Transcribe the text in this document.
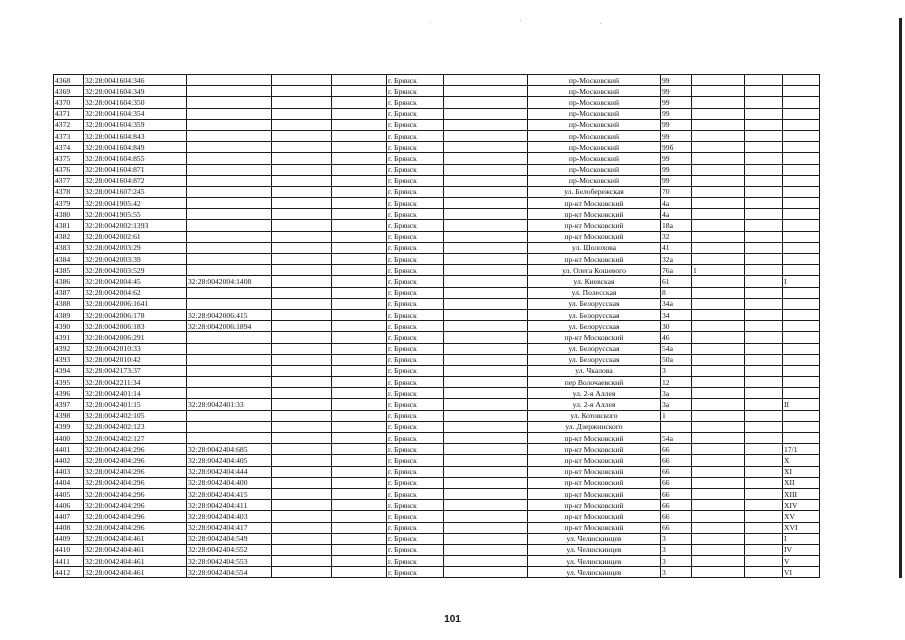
4368	32:28:0041604:346				г. Брянск		пр-Московский	99			
4369	32:28:0041604:349				г. Брянск		пр-Московский	99			
4370	32:28:0041604:350				г. Брянск		пр-Московский	99			
4371	32:28:0041604:354				г. Брянск		пр-Московский	99			
4372	32:28:0041604:359				г. Брянск		пр-Московский	99			
4373	32:28:0041604:843				г. Брянск		пр-Московский	99			
4374	32:28:0041604:849				г. Брянск		пр-Московский	99б			
4375	32:28:0041604:855				г. Брянск		пр-Московский	99			
4376	32:28:0041604:871				г. Брянск		пр-Московский	99			
4377	32:28:0041604:872				г. Брянск		пр-Московский	99			
4378	32:28:0041607:245				г. Брянск		ул. Белобережская	70			
4379	32:28:0041905:42				г. Брянск		пр-кт Московский	4а			
4380	32:28:0041905:55				г. Брянск		пр-кт Московский	4а			
4381	32:28:0042002:1393				г. Брянск		пр-кт Московский	18а			
4382	32:28:0042002:61				г. Брянск		пр-кт Московский	32			
4383	32:28:0042003:29				г. Брянск		ул. Шолохова	41			
4384	32:28:0042003:39				г. Брянск		пр-кт Московский	32а			
4385	32:28:0042003:529				г. Брянск		ул. Олега Кошевого	76а	1		
4386	32:28:0042004:45	32:28:0042004:1408			г. Брянск		ул. Киевская	61			I
4387	32:28:0042004:62				г. Брянск		ул. Полесская	8			
4388	32:28:0042006:1641				г. Брянск		ул. Белорусская	34а			
4389	32:28:0042006:178	32:28:0042006:415			г. Брянск		ул. Белорусская	34			
4390	32:28:0042006:183	32:28:0042006:1894			г. Брянск		ул. Белорусская	30			
4391	32:28:0042006:291				г. Брянск		пр-кт Московский	46			
4392	32:28:0042010:33				г. Брянск		ул. Белорусская	54а			
4393	32:28:0042010:42				г. Брянск		ул. Белорусская	50а			
4394	32:28:0042173:37				г. Брянск		ул. Чкалова	3			
4395	32:28:0042211:34				г. Брянск		пер Волочаевский	12			
4396	32:28:0042401:14				г. Брянск		ул. 2-я Аллея	3а			
4397	32:28:0042401:15	32:28:0042401:33			г. Брянск		ул. 2-я Аллея	3а			II
4398	32:28:0042402:105				г. Брянск		ул. Котовского	1			
4399	32:28:0042402:123				г. Брянск		ул. Дзержинского				
4400	32:28:0042402:127				г. Брянск		пр-кт Московский	54а			
4401	32:28:0042404:296	32:28:0042404:685			г. Брянск		пр-кт Московский	66			17/1
4402	32:28:0042404:296	32:28:0042404:405			г. Брянск		пр-кт Московский	66			X
4403	32:28:0042404:296	32:28:0042404:444			г. Брянск		пр-кт Московский	66			XI
4404	32:28:0042404:296	32:28:0042404:400			г. Брянск		пр-кт Московский	66			XII
4405	32:28:0042404:296	32:28:0042404:415			г. Брянск		пр-кт Московский	66			XIII
4406	32:28:0042404:296	32:28:0042404:411			г. Брянск		пр-кт Московский	66			XIV
4407	32:28:0042404:296	32:28:0042404:403			г. Брянск		пр-кт Московский	66			XV
4408	32:28:0042404:296	32:28:0042404:417			г. Брянск		пр-кт Московский	66			XVI
4409	32:28:0042404:461	32:28:0042404:549			г. Брянск		ул. Челюскинцев	3			I
4410	32:28:0042404:461	32:28:0042404:552			г. Брянск		ул. Челюскинцев	3			IV
4411	32:28:0042404:461	32:28:0042404:553			г. Брянск		ул. Челюскинцев	3			V
4412	32:28:0042404:461	32:28:0042404:554			г. Брянск		ул. Челюскинцев	3			VI
101
